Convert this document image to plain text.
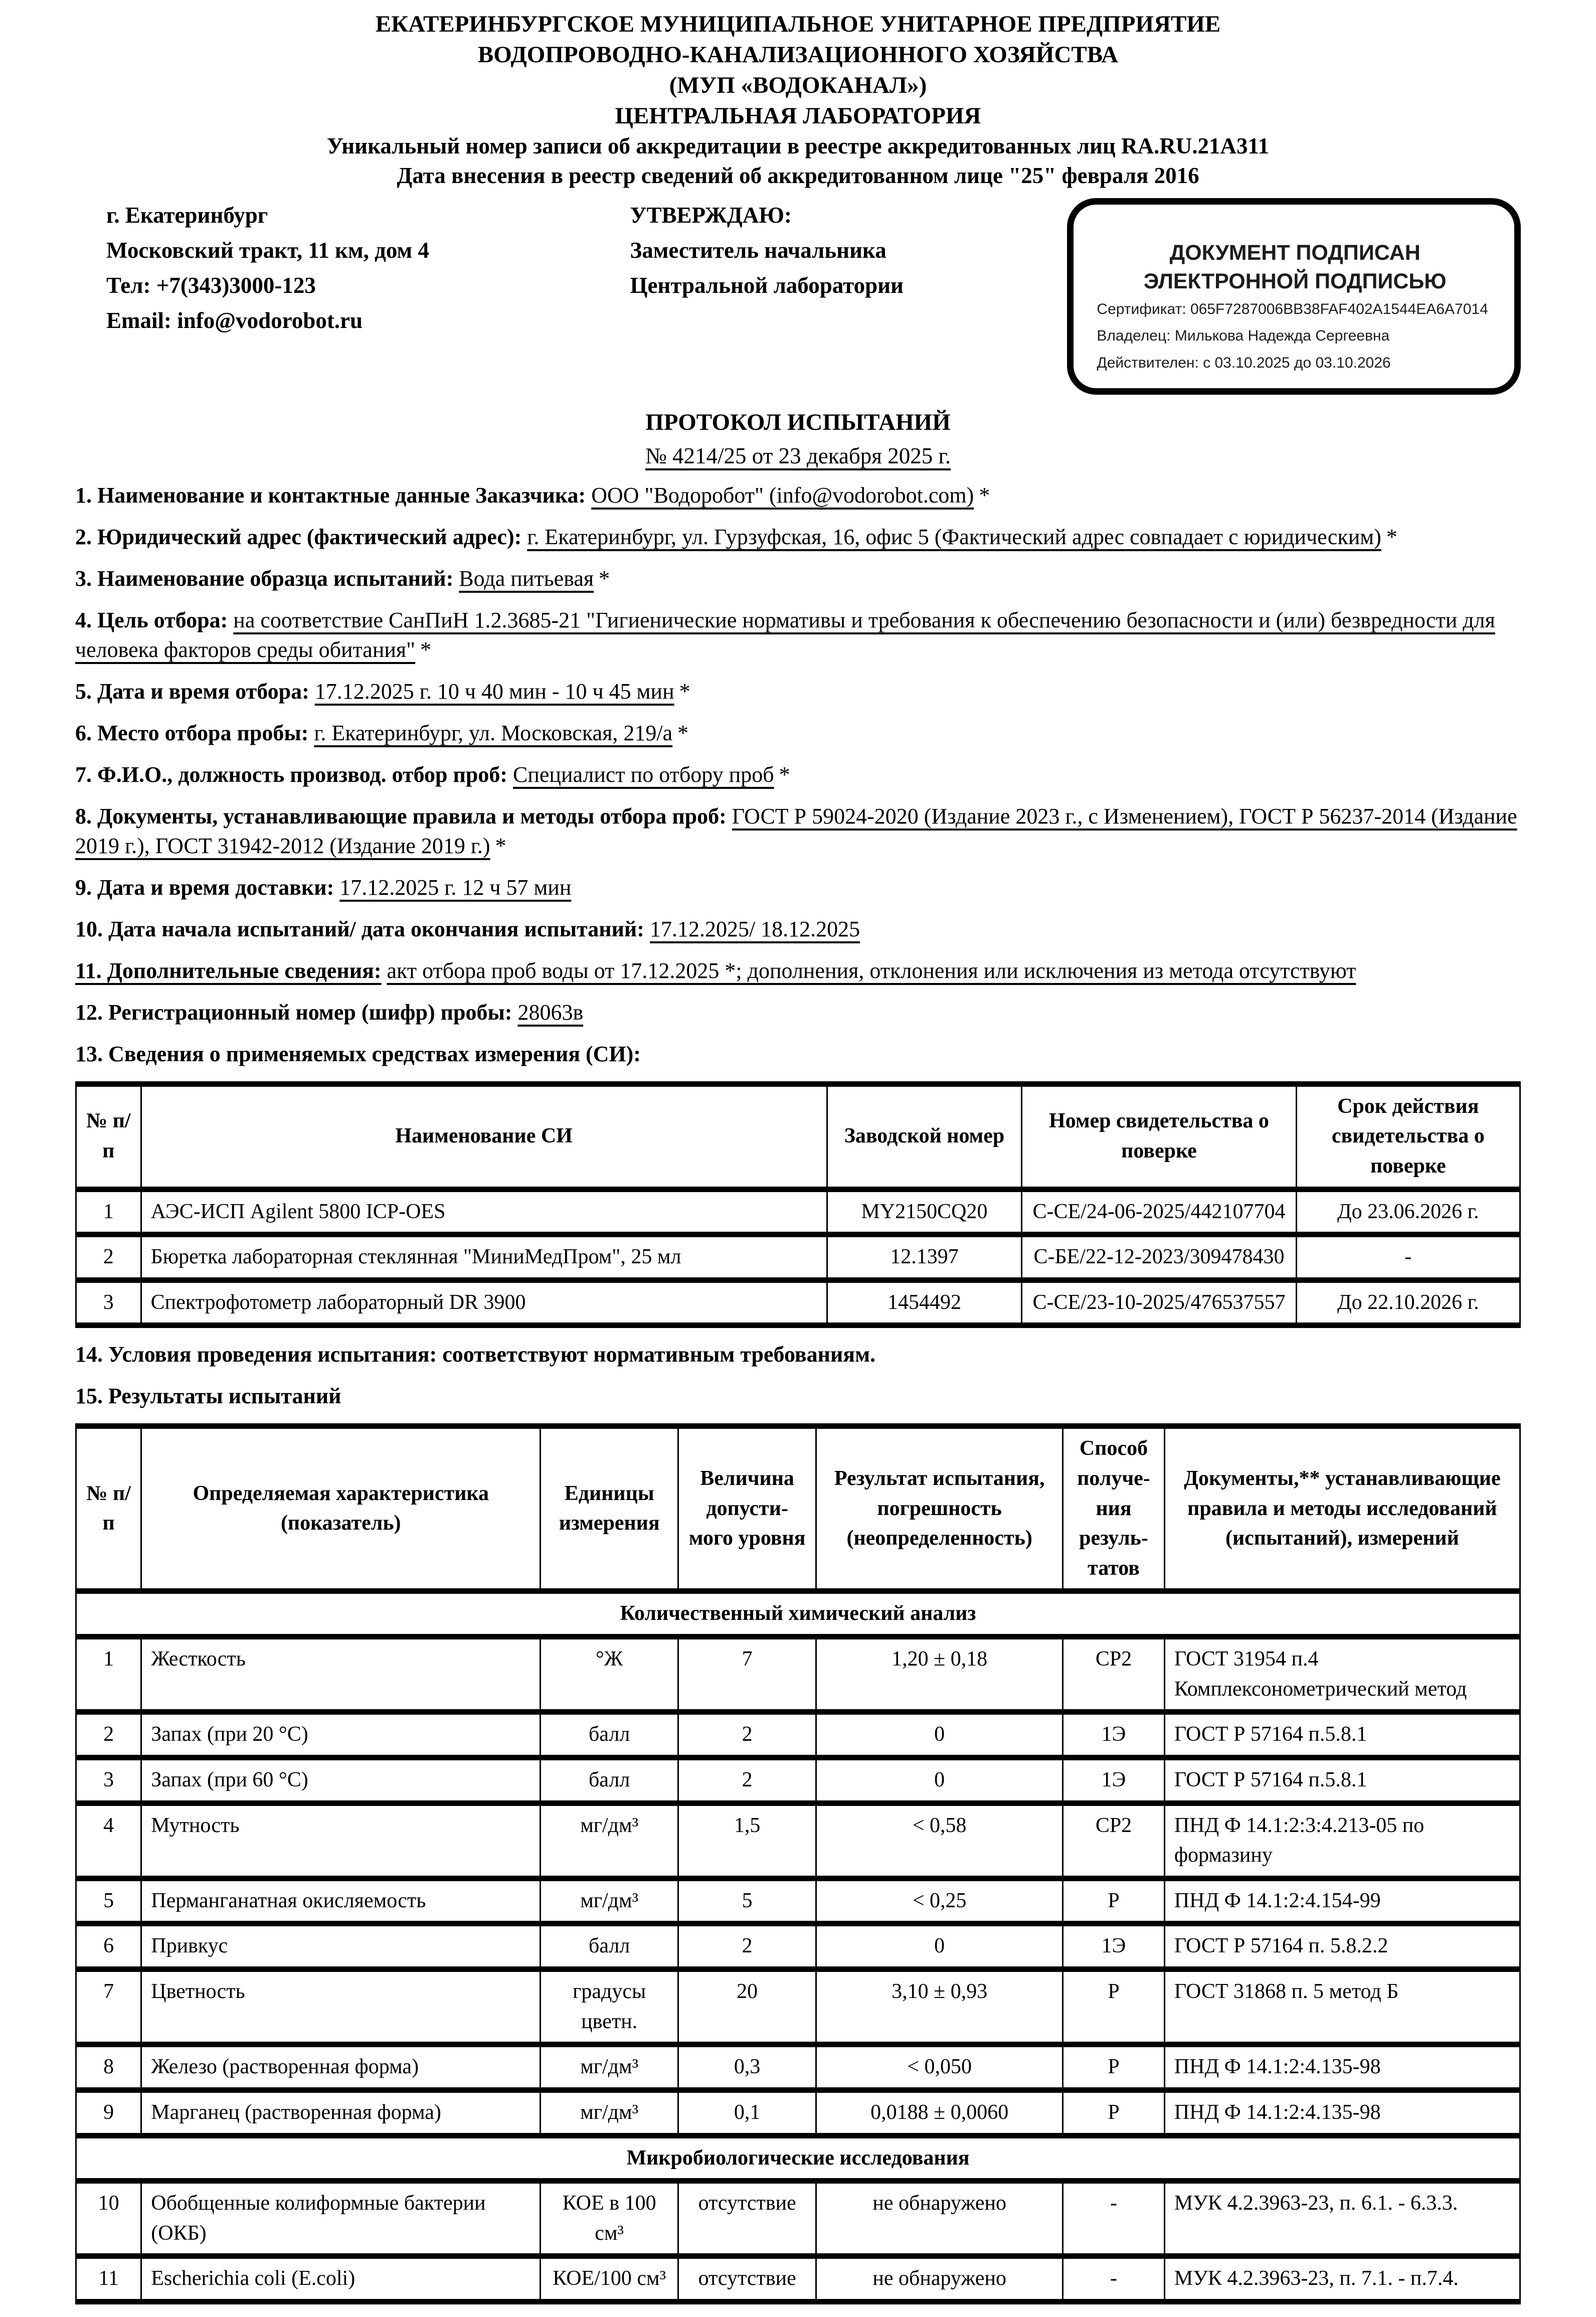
ЕКАТЕРИНБУРГСКОЕ МУНИЦИПАЛЬНОЕ УНИТАРНОЕ ПРЕДПРИЯТИЕ
ВОДОПРОВОДНО-КАНАЛИЗАЦИОННОГО ХОЗЯЙСТВА
(МУП «ВОДОКАНАЛ»)
ЦЕНТРАЛЬНАЯ ЛАБОРАТОРИЯ
Уникальный номер записи об аккредитации в реестре аккредитованных лиц RA.RU.21A311
Дата внесения в реестр сведений об аккредитованном лице "25" февраля 2016
г. Екатеринбург
Московский тракт, 11 км, дом 4
Тел: +7(343)3000-123
Email: info@vodorobot.ru
УТВЕРЖДАЮ:
Заместитель начальника
Центральной лаборатории
ДОКУМЕНТ ПОДПИСАН
ЭЛЕКТРОННОЙ ПОДПИСЬЮ
Сертификат: 065F7287006BB38FAF402A1544EA6A7014
Владелец: Милькова Надежда Сергеевна
Действителен: с 03.10.2025 до 03.10.2026
ПРОТОКОЛ ИСПЫТАНИЙ
№ 4214/25 от 23 декабря 2025 г.

1. Наименование и контактные данные Заказчика: ООО "Водоробот" (info@vodorobot.com) *

2. Юридический адрес (фактический адрес): г. Екатеринбург, ул. Гурзуфская, 16, офис 5 (Фактический адрес совпадает с юридическим) *

3. Наименование образца испытаний: Вода питьевая *

4. Цель отбора: на соответствие СанПиН 1.2.3685-21 "Гигиенические нормативы и требования к обеспечению безопасности и (или) безвредности для человека факторов среды обитания" *

5. Дата и время отбора: 17.12.2025 г. 10 ч 40 мин - 10 ч 45 мин *

6. Место отбора пробы: г. Екатеринбург, ул. Московская, 219/а *

7. Ф.И.О., должность производ. отбор проб: Специалист по отбору проб *

8. Документы, устанавливающие правила и методы отбора проб: ГОСТ Р 59024-2020 (Издание 2023 г., с Изменением), ГОСТ Р 56237-2014 (Издание 2019 г.), ГОСТ 31942-2012 (Издание 2019 г.) *

9. Дата и время доставки: 17.12.2025 г. 12 ч 57 мин

10. Дата начала испытаний/ дата окончания испытаний: 17.12.2025/ 18.12.2025

11. Дополнительные сведения: акт отбора проб воды от 17.12.2025 *; дополнения, отклонения или исключения из метода отсутствуют

12. Регистрационный номер (шифр) пробы: 28063в

13. Сведения о применяемых средствах измерения (СИ):

№ п/п	Наименование СИ	Заводской номер	Номер свидетельства о поверке	Срок действия свидетельства о поверке
1	АЭС-ИСП Agilent 5800 ICP-OES	MY2150CQ20	С-СЕ/24-06-2025/442107704	До 23.06.2026 г.
2	Бюретка лабораторная стеклянная "МиниМедПром", 25 мл	12.1397	С-БЕ/22-12-2023/309478430	-
3	Спектрофотометр лабораторный DR 3900	1454492	С-СЕ/23-10-2025/476537557	До 22.10.2026 г.

14. Условия проведения испытания: соответствуют нормативным требованиям.

15. Результаты испытаний

№ п/п	Определяемая характеристика (показатель)	Единицы измерения	Величина допусти-мого уровня	Результат испытания, погрешность (неопределенность)	Способ получе-ния резуль-татов	Документы,** устанавливающие правила и методы исследований (испытаний), измерений
Количественный химический анализ						
1	Жесткость	°Ж	7	1,20 ± 0,18	СР2	ГОСТ 31954 п.4 Комплексонометрический метод
2	Запах (при 20 °С)	балл	2	0	1Э	ГОСТ Р 57164 п.5.8.1
3	Запах (при 60 °С)	балл	2	0	1Э	ГОСТ Р 57164 п.5.8.1
4	Мутность	мг/дм³	1,5	< 0,58	СР2	ПНД Ф 14.1:2:3:4.213-05 по формазину
5	Перманганатная окисляемость	мг/дм³	5	< 0,25	Р	ПНД Ф 14.1:2:4.154-99
6	Привкус	балл	2	0	1Э	ГОСТ Р 57164 п. 5.8.2.2
7	Цветность	градусы цветн.	20	3,10 ± 0,93	Р	ГОСТ 31868 п. 5 метод Б
8	Железо (растворенная форма)	мг/дм³	0,3	< 0,050	Р	ПНД Ф 14.1:2:4.135-98
9	Марганец (растворенная форма)	мг/дм³	0,1	0,0188 ± 0,0060	Р	ПНД Ф 14.1:2:4.135-98
Микробиологические исследования						
10	Обобщенные колиформные бактерии (ОКБ)	КОЕ в 100 см³	отсутствие	не обнаружено	-	МУК 4.2.3963-23, п. 6.1. - 6.3.3.
11	Escherichia coli (E.coli)	КОЕ/100 см³	отсутствие	не обнаружено	-	МУК 4.2.3963-23, п. 7.1. - п.7.4.
